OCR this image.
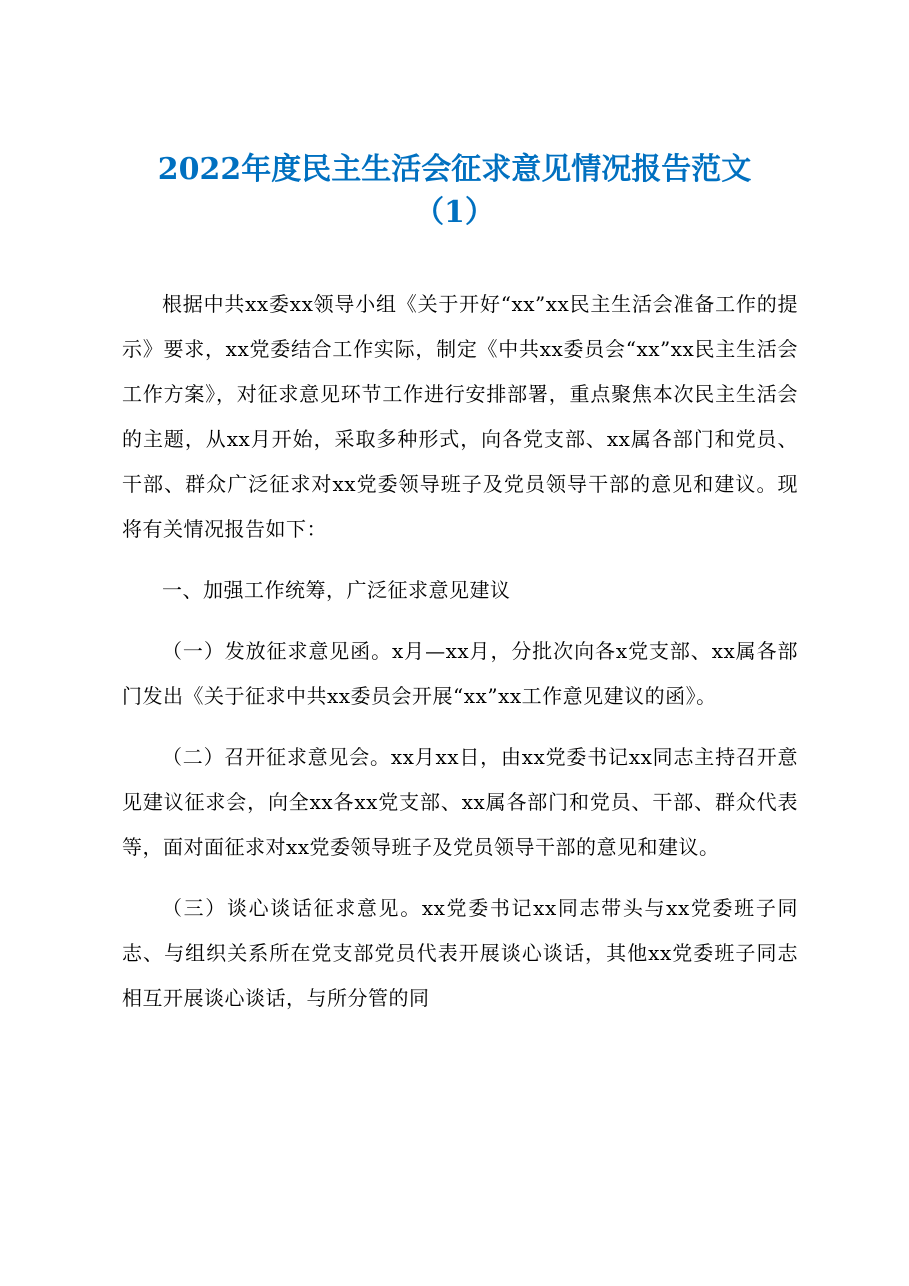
2022年度民主生活会征求意见情况报告范文
（1）

根据中共xx委xx领导小组《关于开好“xx”xx民主生活会准备工作的提示》要求，xx党委结合工作实际，制定《中共xx委员会“xx”xx民主生活会工作方案》，对征求意见环节工作进行安排部署，重点聚焦本次民主生活会的主题，从xx月开始，采取多种形式，向各党支部、xx属各部门和党员、干部、群众广泛征求对xx党委领导班子及党员领导干部的意见和建议。现将有关情况报告如下：

一、加强工作统筹，广泛征求意见建议

（一）发放征求意见函。x月—xx月，分批次向各x党支部、xx属各部门发出《关于征求中共xx委员会开展“xx”xx工作意见建议的函》。

（二）召开征求意见会。xx月xx日，由xx党委书记xx同志主持召开意见建议征求会，向全xx各xx党支部、xx属各部门和党员、干部、群众代表等，面对面征求对xx党委领导班子及党员领导干部的意见和建议。

（三）谈心谈话征求意见。xx党委书记xx同志带头与xx党委班子同志、与组织关系所在党支部党员代表开展谈心谈话，其他xx党委班子同志相互开展谈心谈话，与所分管的同
